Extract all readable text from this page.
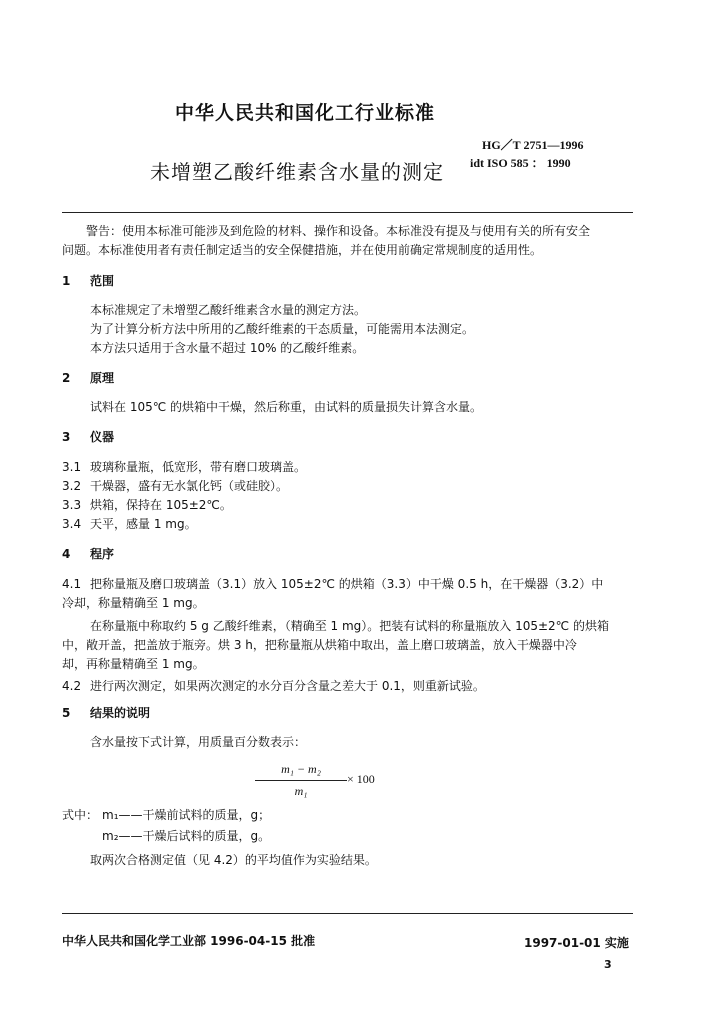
中华人民共和国化工行业标准
HG／T 2751—1996
未增塑乙酸纤维素含水量的测定 idt ISO 585 ： 1990
警告：使用本标准可能涉及到危险的材料、操作和设备。本标准没有提及与使用有关的所有安全
问题。本标准使用者有责任制定适当的安全保健措施，并在使用前确定常规制度的适用性。
1 范围
本标准规定了未增塑乙酸纤维素含水量的测定方法。
为了计算分析方法中所用的乙酸纤维素的干态质量，可能需用本法测定。
本方法只适用于含水量不超过 10% 的乙酸纤维素。
2 原理
试料在 105℃ 的烘箱中干燥，然后称重，由试料的质量损失计算含水量。
3 仪器
3.1 玻璃称量瓶，低宽形，带有磨口玻璃盖。
3.2 干燥器，盛有无水氯化钙（或硅胶）。
3.3 烘箱，保持在 105±2℃。
3.4 天平，感量 1 mg。
4 程序
4.1 把称量瓶及磨口玻璃盖（3.1）放入 105±2℃ 的烘箱（3.3）中干燥 0.5 h，在干燥器（3.2）中
冷却，称量精确至 1 mg。
在称量瓶中称取约 5 g 乙酸纤维素，（精确至 1 mg）。把装有试料的称量瓶放入 105±2℃ 的烘箱
中，敞开盖，把盖放于瓶旁。烘 3 h，把称量瓶从烘箱中取出，盖上磨口玻璃盖，放入干燥器中冷
却，再称量精确至 1 mg。
4.2 进行两次测定，如果两次测定的水分百分含量之差大于 0.1，则重新试验。
5 结果的说明
含水量按下式计算，用质量百分数表示：
$\frac{\text{m₁ − m₂}}{\text{m₁}} \times 100$
式中： m₁——干燥前试料的质量，g；
m₂——干燥后试料的质量，g。
取两次合格测定值（见 4.2）的平均值作为实验结果。
中华人民共和国化学工业部 1996-04-15 批准	1997-01-01 实施
3
